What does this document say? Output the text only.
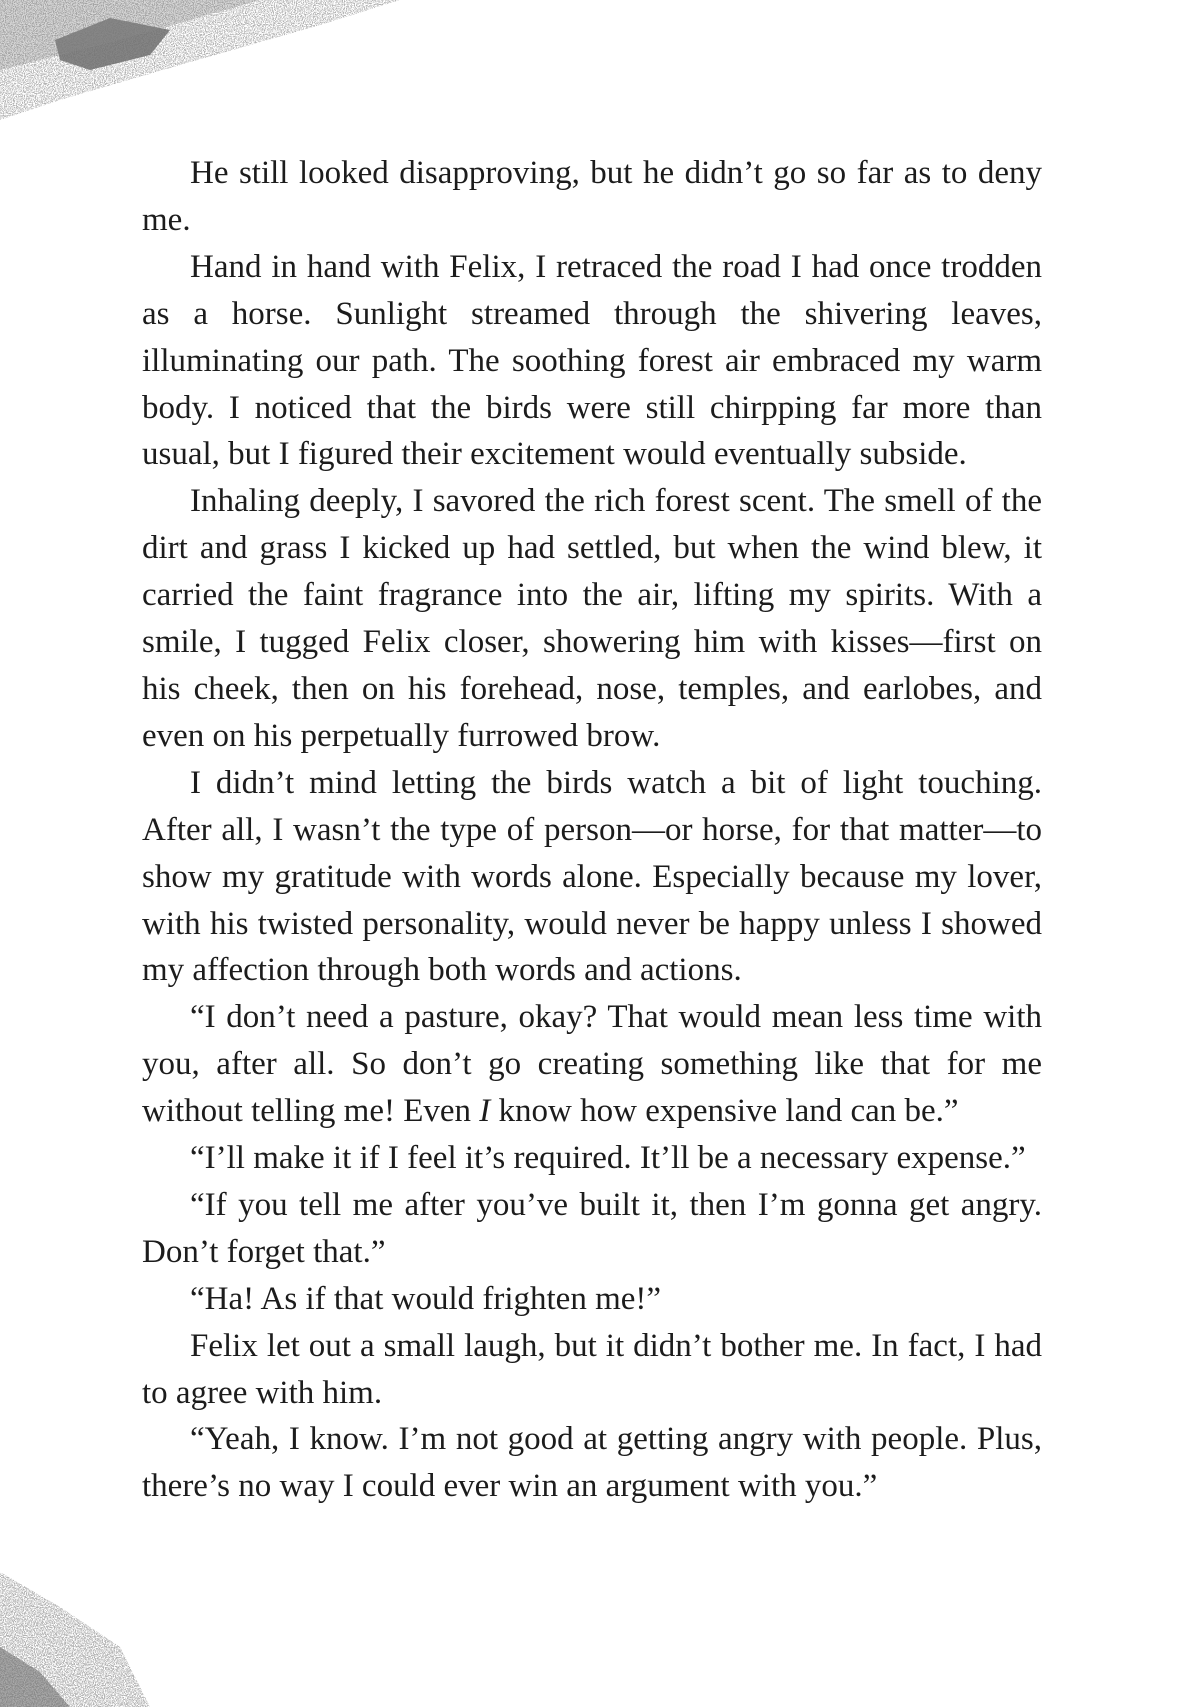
He still looked disapproving, but he didn’t go so far as to deny me.

Hand in hand with Felix, I retraced the road I had once trodden as a horse. Sunlight streamed through the shivering leaves, illuminating our path. The soothing forest air embraced my warm body. I noticed that the birds were still chirpping far more than usual, but I figured their excitement would eventually subside.

Inhaling deeply, I savored the rich forest scent. The smell of the dirt and grass I kicked up had settled, but when the wind blew, it carried the faint fragrance into the air, lifting my spirits. With a smile, I tugged Felix closer, showering him with kisses—first on his cheek, then on his forehead, nose, temples, and earlobes, and even on his perpetually furrowed brow.

I didn’t mind letting the birds watch a bit of light touching. After all, I wasn’t the type of person—or horse, for that matter—to show my gratitude with words alone. Especially because my lover, with his twisted personality, would never be happy unless I showed my affection through both words and actions.

“I don’t need a pasture, okay? That would mean less time with you, after all. So don’t go creating something like that for me without telling me! Even I know how expensive land can be.”

“I’ll make it if I feel it’s required. It’ll be a necessary expense.”

“If you tell me after you’ve built it, then I’m gonna get angry. Don’t forget that.”

“Ha! As if that would frighten me!”

Felix let out a small laugh, but it didn’t bother me. In fact, I had to agree with him.

“Yeah, I know. I’m not good at getting angry with people. Plus, there’s no way I could ever win an argument with you.”
